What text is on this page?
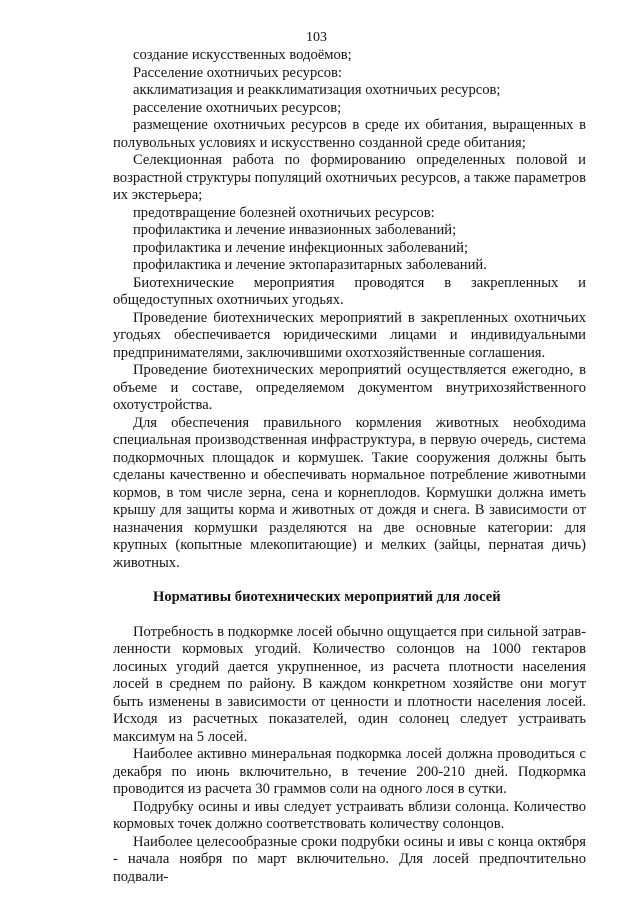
103

создание искусственных водоёмов;

Расселение охотничьих ресурсов:

акклиматизация и реакклиматизация охотничьих ресурсов;

расселение охотничьих ресурсов;

размещение охотничьих ресурсов в среде их обитания, выращенных в полувольных условиях и искусственно созданной среде обитания;

Селекционная работа по формированию определенных половой и возрастной структуры популяций охотничьих ресурсов, а также параметров их экстерьера;

предотвращение болезней охотничьих ресурсов:

профилактика и лечение инвазионных заболеваний;

профилактика и лечение инфекционных заболеваний;

профилактика и лечение эктопаразитарных заболеваний.

Биотехнические мероприятия проводятся в закрепленных и общедоступных охотничьих угодьях.

Проведение биотехнических мероприятий в закрепленных охотничьих угодьях обеспечивается юридическими лицами и индивидуальными предпринимателями, заключившими охотхозяйственные соглашения.

Проведение биотехнических мероприятий осуществляется ежегодно, в объеме и составе, определяемом документом внутрихозяйственного охотустройства.

Для обеспечения правильного кормления животных необходима специальная производственная инфраструктура, в первую очередь, система подкормочных площадок и кормушек. Такие сооружения должны быть сделаны качественно и обеспечивать нормальное потребление животными кормов, в том числе зерна, сена и корнеплодов. Кормушки должна иметь крышу для защиты корма и животных от дождя и снега. В зависимости от назначения кормушки разделяются на две основные категории: для крупных (копытные млекопитающие) и мелких (зайцы, пернатая дичь) животных.

Нормативы биотехнических мероприятий для лосей

Потребность в подкормке лосей обычно ощущается при сильной затрав-ленности кормовых угодий. Количество солонцов на 1000 гектаров лосиных угодий дается укрупненное, из расчета плотности населения лосей в среднем по району. В каждом конкретном хозяйстве они могут быть изменены в зависимости от ценности и плотности населения лосей. Исходя из расчетных показателей, один солонец следует устраивать максимум на 5 лосей.

Наиболее активно минеральная подкормка лосей должна проводиться с декабря по июнь включительно, в течение 200-210 дней. Подкормка проводится из расчета 30 граммов соли на одного лося в сутки.

Подрубку осины и ивы следует устраивать вблизи солонца. Количество кормовых точек должно соответствовать количеству солонцов.

Наиболее целесообразные сроки подрубки осины и ивы с конца октября - начала ноября по март включительно. Для лосей предпочтительно подвали-
